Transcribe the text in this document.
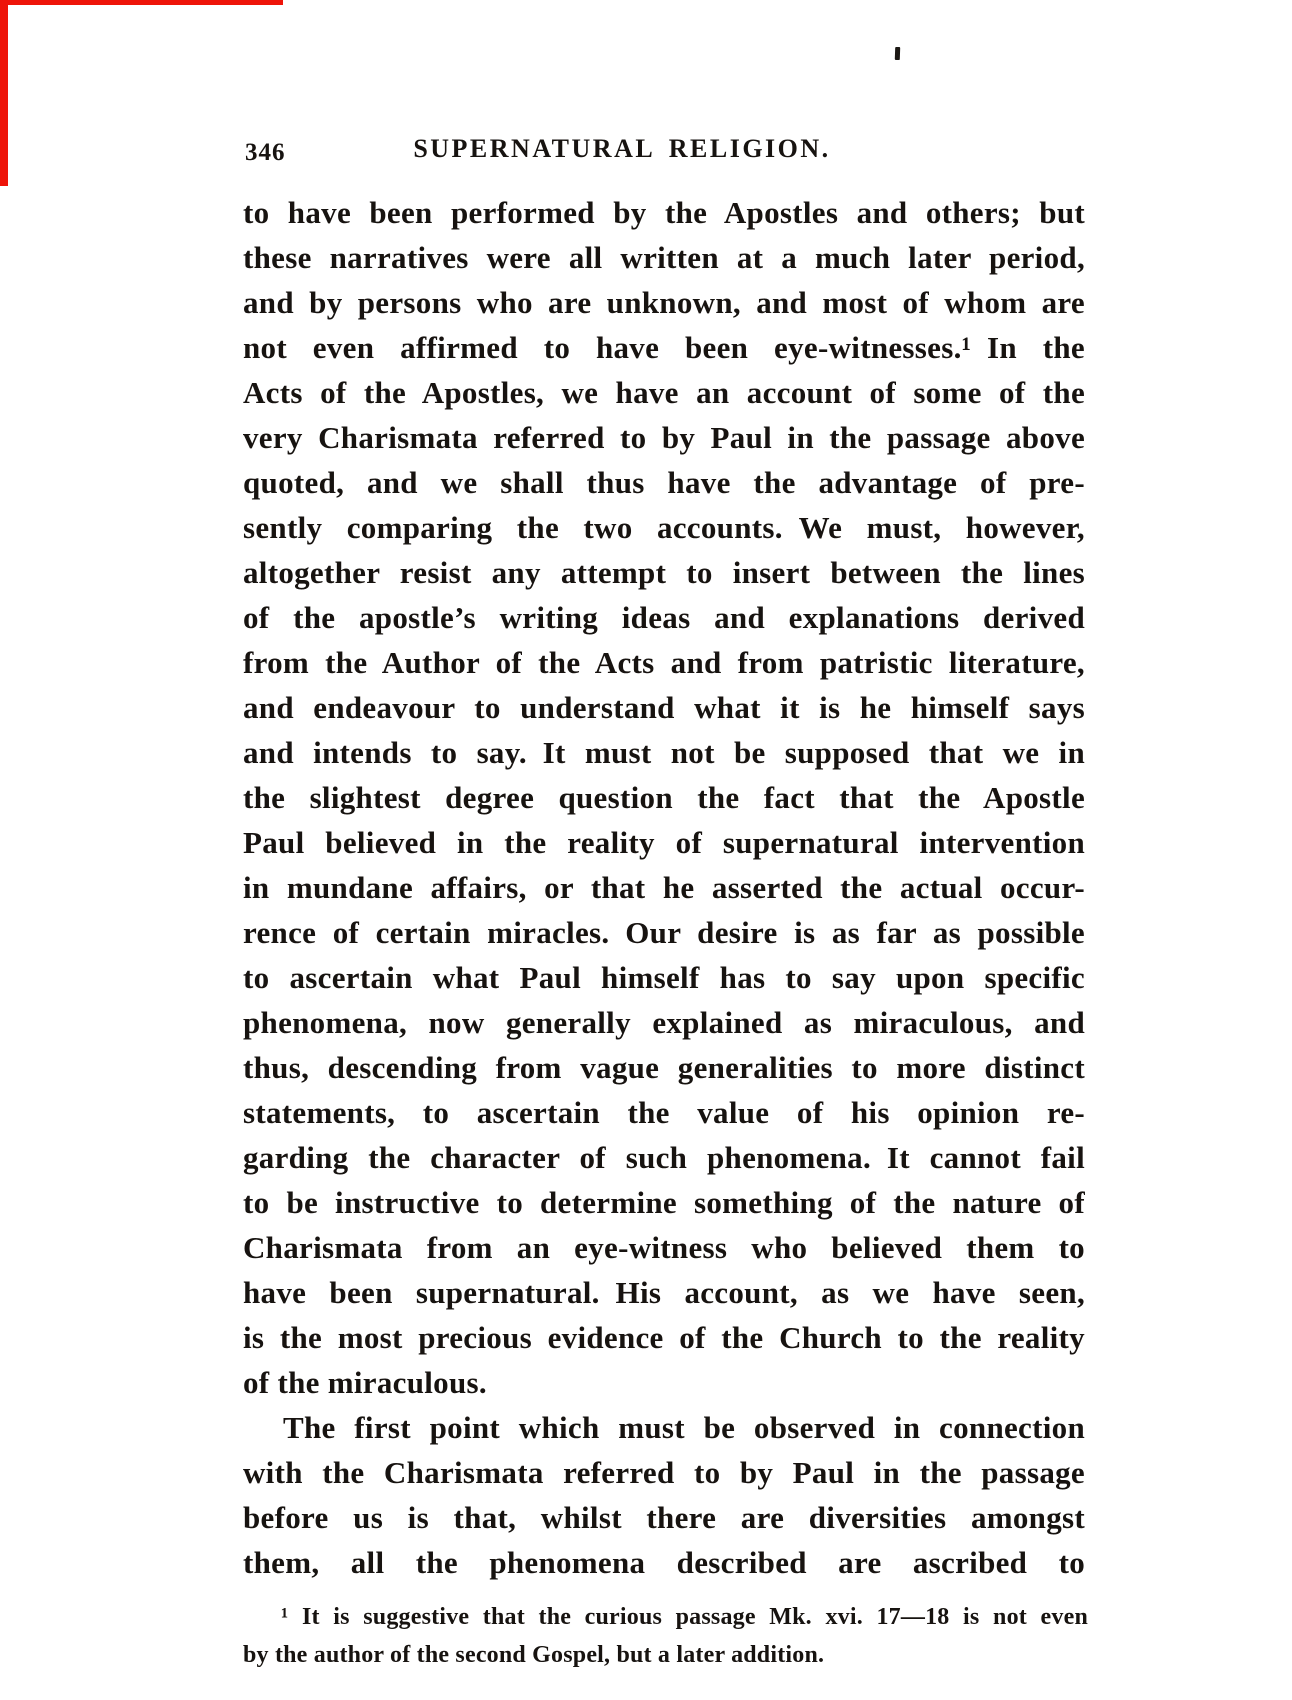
346	SUPERNATURAL RELIGION.
to have been performed by the Apostles and others; but
these narratives were all written at a much later period,
and by persons who are unknown, and most of whom are
not even affirmed to have been eye-witnesses.¹ In the
Acts of the Apostles, we have an account of some of the
very Charismata referred to by Paul in the passage above
quoted, and we shall thus have the advantage of pre-
sently comparing the two accounts. We must, however,
altogether resist any attempt to insert between the lines
of the apostle’s writing ideas and explanations derived
from the Author of the Acts and from patristic literature,
and endeavour to understand what it is he himself says
and intends to say. It must not be supposed that we in
the slightest degree question the fact that the Apostle
Paul believed in the reality of supernatural intervention
in mundane affairs, or that he asserted the actual occur-
rence of certain miracles. Our desire is as far as possible
to ascertain what Paul himself has to say upon specific
phenomena, now generally explained as miraculous, and
thus, descending from vague generalities to more distinct
statements, to ascertain the value of his opinion re-
garding the character of such phenomena. It cannot fail
to be instructive to determine something of the nature of
Charismata from an eye-witness who believed them to
have been supernatural. His account, as we have seen,
is the most precious evidence of the Church to the reality
of the miraculous.
The first point which must be observed in connection
with the Charismata referred to by Paul in the passage
before us is that, whilst there are diversities amongst
them, all the phenomena described are ascribed to
¹ It is suggestive that the curious passage Mk. xvi. 17—18 is not even
by the author of the second Gospel, but a later addition.
